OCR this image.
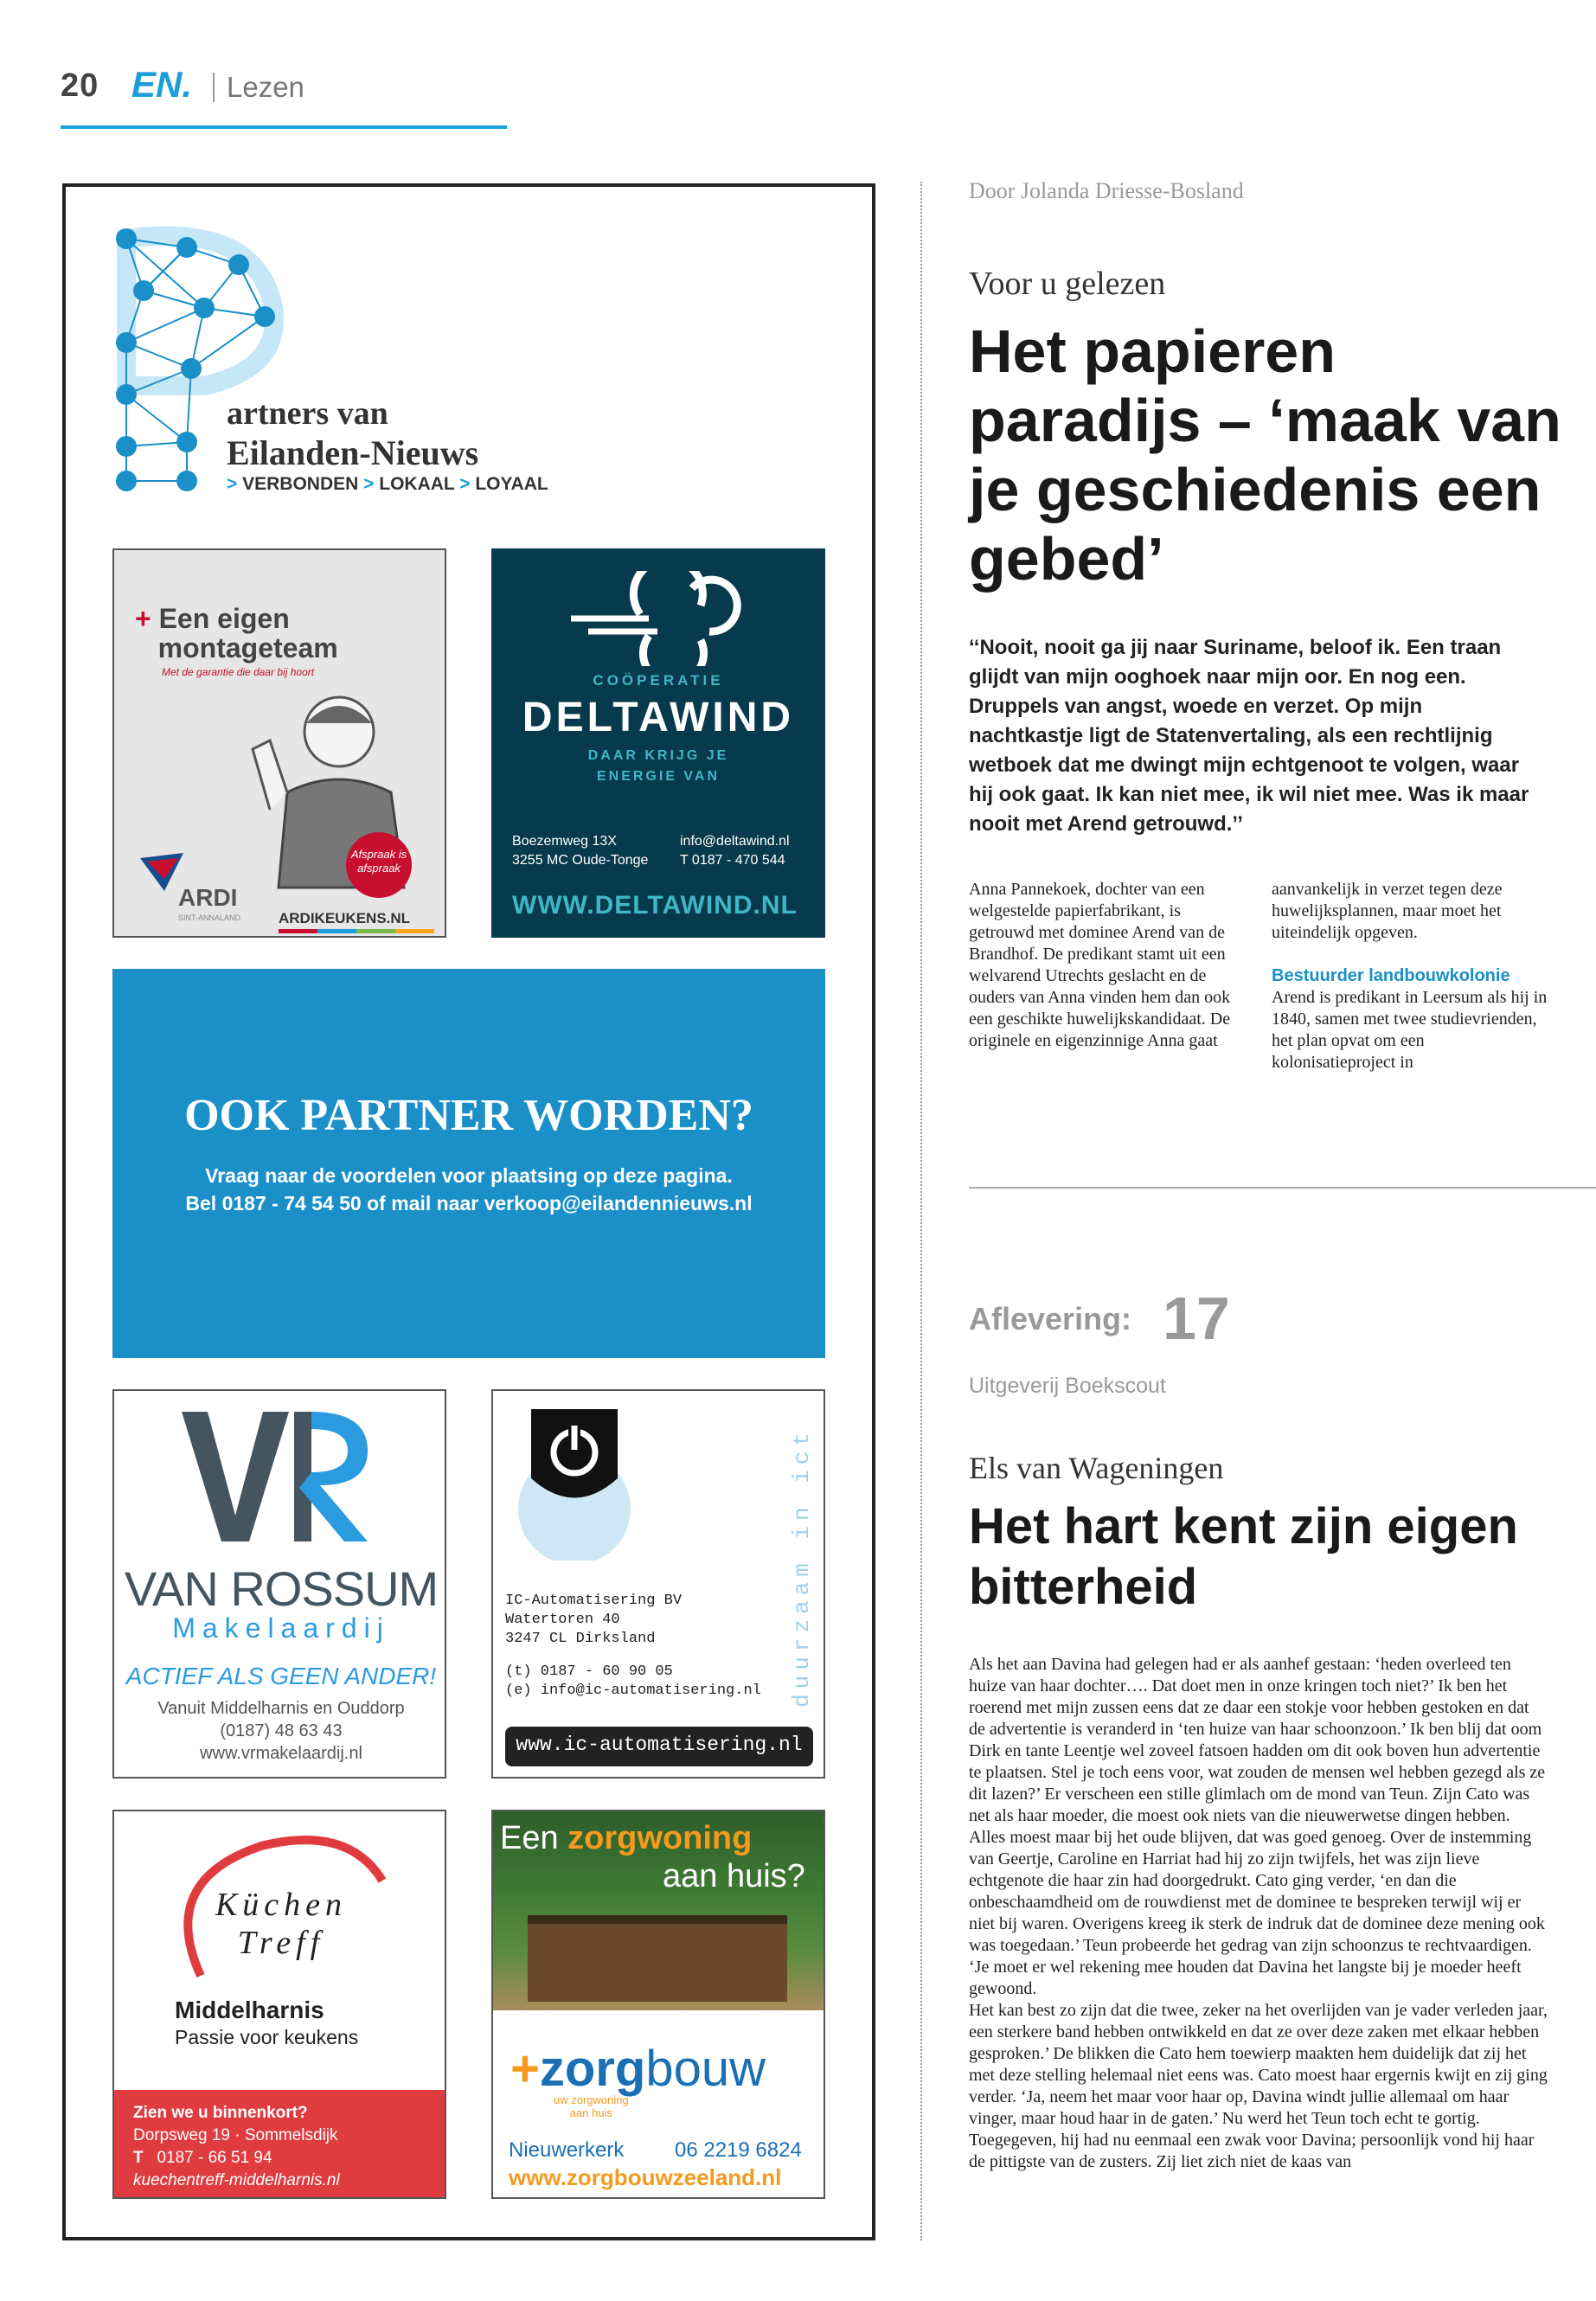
20 EN. Lezen
artners van
Eilanden-Nieuws
> VERBONDEN > LOKAAL > LOYAAL
+ Een eigen
montageteam
Met de garantie die daar bij hoort
Afspraak is
afspraak
ARDI
SINT-ANNALAND	ARDIKEUKENS.NL
COÖPERATIE
DELTAWIND
DAAR KRIJG JE
ENERGIE VAN
Boezemweg 13X
3255 MC Oude-Tonge
info@deltawind.nl
T 0187 - 470 544
WWW.DELTAWIND.NL
OOK PARTNER WORDEN?
Vraag naar de voordelen voor plaatsing op deze pagina.
Bel 0187 - 74 54 50 of mail naar verkoop@eilandennieuws.nl
VAN ROSSUM
Makelaardij
ACTIEF ALS GEEN ANDER!
Vanuit Middelharnis en Ouddorp
(0187) 48 63 43
www.vrmakelaardij.nl
IC-Automatisering BV
Watertoren 40
3247 CL Dirksland
(t) 0187 - 60 90 05
(e) info@ic-automatisering.nl
www.ic-automatisering.nl
duurzaam in ict
Küchen
Treff
Middelharnis
Passie voor keukens
Zien we u binnenkort?
Dorpsweg 19 · Sommelsdijk
T 0187 - 66 51 94
kuechentreff-middelharnis.nl
Een zorgwoning
aan huis?
+zorgbouw
uw zorgwoning
aan huis
Nieuwerkerk 06 2219 6824
www.zorgbouwzeeland.nl
Door Jolanda Driesse-Bosland
Voor u gelezen
Het papieren paradijs – ‘maak van je geschiedenis een gebed’
‘‘Nooit, nooit ga jij naar Suriname, beloof ik. Een traan glijdt van mijn ooghoek naar mijn oor. En nog een. Druppels van angst, woede en verzet. Op mijn nachtkastje ligt de Statenvertaling, als een rechtlijnig wetboek dat me dwingt mijn echtgenoot te volgen, waar hij ook gaat. Ik kan niet mee, ik wil niet mee. Was ik maar nooit met Arend getrouwd.’’
Anna Pannekoek, dochter van een welgestelde papierfabrikant, is getrouwd met dominee Arend van de Brandhof. De predikant stamt uit een welvarend Utrechts geslacht en de ouders van Anna vinden hem dan ook een geschikte huwelijkskandidaat. De originele en eigenzinnige Anna gaat
aanvankelijk in verzet tegen deze huwelijksplannen, maar moet het uiteindelijk opgeven.

Bestuurder landbouwkolonie
Arend is predikant in Leersum als hij in 1840, samen met twee studievrienden, het plan opvat om een kolonisatieproject in
Aflevering: 17
Uitgeverij Boekscout
Els van Wageningen
Het hart kent zijn eigen bitterheid
Als het aan Davina had gelegen had er als aanhef gestaan: ‘heden overleed ten huize van haar dochter…. Dat doet men in onze kringen toch niet?’ Ik ben het roerend met mijn zussen eens dat ze daar een stokje voor hebben gestoken en dat de advertentie is veranderd in ‘ten huize van haar schoonzoon.’ Ik ben blij dat oom Dirk en tante Leentje wel zoveel fatsoen hadden om dit ook boven hun advertentie te plaatsen. Stel je toch eens voor, wat zouden de mensen wel hebben gezegd als ze dit lazen?’ Er verscheen een stille glimlach om de mond van Teun. Zijn Cato was net als haar moeder, die moest ook niets van die nieuwerwetse dingen hebben. Alles moest maar bij het oude blijven, dat was goed genoeg. Over de instemming van Geertje, Caroline en Harriat had hij zo zijn twijfels, het was zijn lieve echtgenote die haar zin had doorgedrukt. Cato ging verder, ‘en dan die onbeschaamdheid om de rouwdienst met de dominee te bespreken terwijl wij er niet bij waren. Overigens kreeg ik sterk de indruk dat de dominee deze mening ook was toegedaan.’ Teun probeerde het gedrag van zijn schoonzus te rechtvaardigen. ‘Je moet er wel rekening mee houden dat Davina het langste bij je moeder heeft gewoond.
Het kan best zo zijn dat die twee, zeker na het overlijden van je vader verleden jaar, een sterkere band hebben ontwikkeld en dat ze over deze zaken met elkaar hebben gesproken.’ De blikken die Cato hem toewierp maakten hem duidelijk dat zij het met deze stelling helemaal niet eens was. Cato moest haar ergernis kwijt en zij ging verder. ‘Ja, neem het maar voor haar op, Davina windt jullie allemaal om haar vinger, maar houd haar in de gaten.’ Nu werd het Teun toch echt te gortig. Toegegeven, hij had nu eenmaal een zwak voor Davina; persoonlijk vond hij haar de pittigste van de zusters. Zij liet zich niet de kaas van
